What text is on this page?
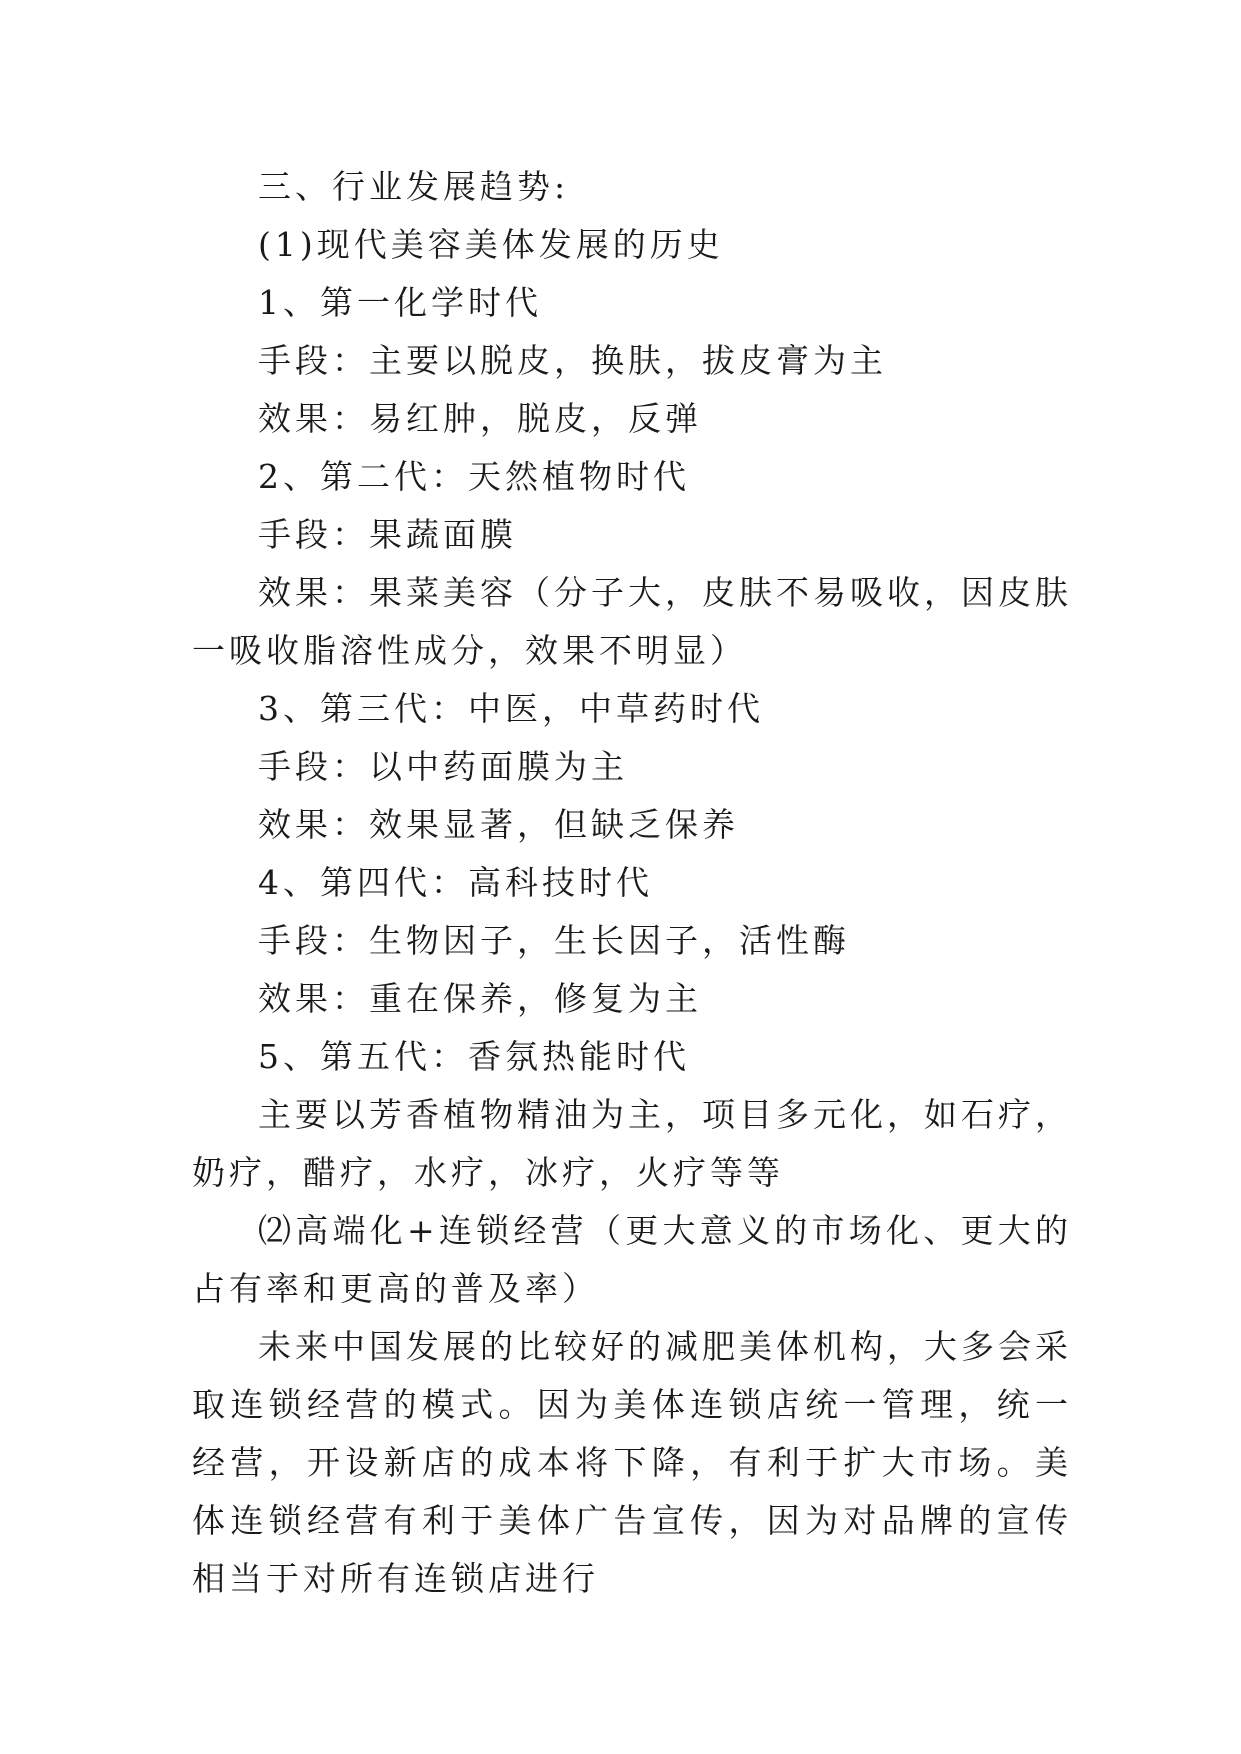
三、行业发展趋势:

(1)现代美容美体发展的历史

1、第一化学时代

手段：主要以脱皮，换肤，拔皮膏为主

效果：易红肿，脱皮，反弹

2、第二代：天然植物时代

手段：果蔬面膜

效果：果菜美容（分子大，皮肤不易吸收，因皮肤一吸收脂溶性成分，效果不明显）

3、第三代：中医，中草药时代

手段：以中药面膜为主

效果：效果显著，但缺乏保养

4、第四代：高科技时代

手段：生物因子，生长因子，活性酶

效果：重在保养，修复为主

5、第五代：香氛热能时代

主要以芳香植物精油为主，项目多元化，如石疗，奶疗，醋疗，水疗，冰疗，火疗等等

⑵高端化+连锁经营（更大意义的市场化、更大的占有率和更高的普及率）

未来中国发展的比较好的减肥美体机构，大多会采取连锁经营的模式。因为美体连锁店统一管理，统一经营，开设新店的成本将下降，有利于扩大市场。美体连锁经营有利于美体广告宣传，因为对品牌的宣传相当于对所有连锁店进行
